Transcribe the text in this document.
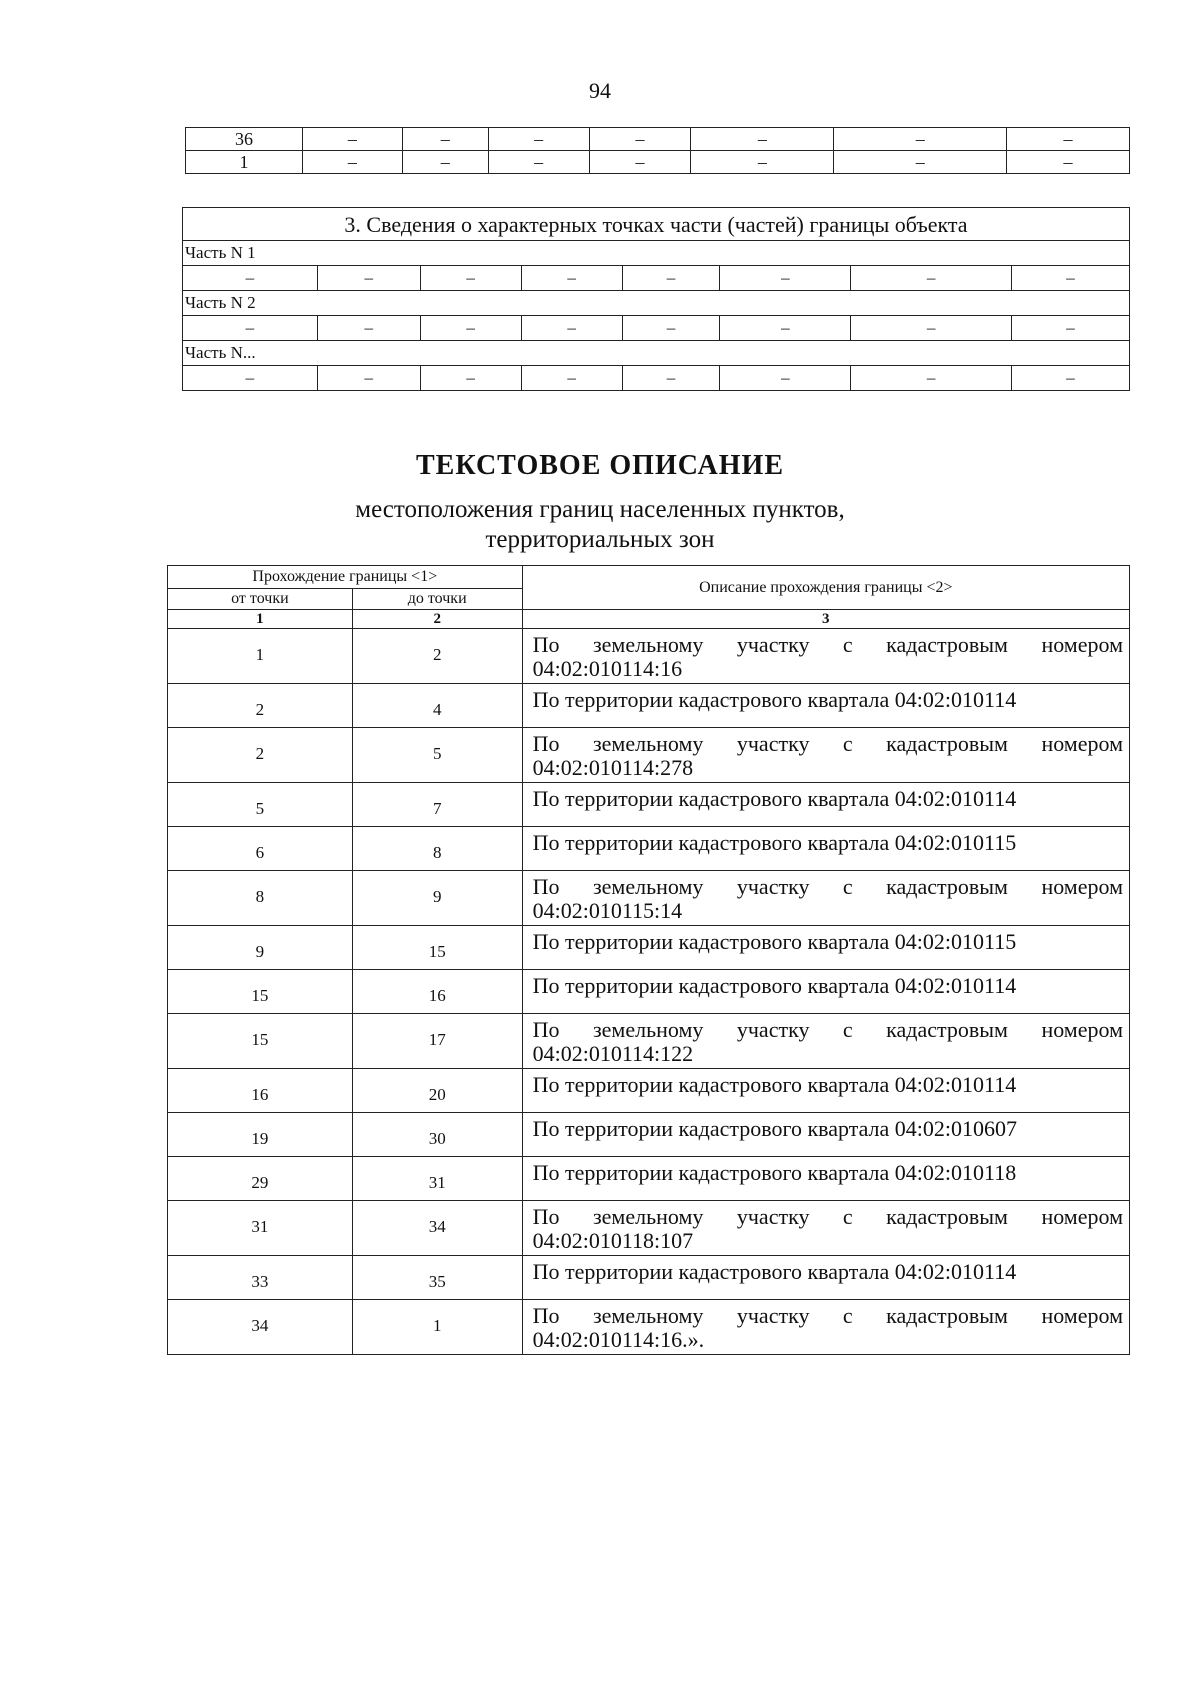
94
36	–	–	–	–	–	–	–
1	–	–	–	–	–	–	–
3. Сведения о характерных точках части (частей) границы объекта							
Часть N 1							
–	–	–	–	–	–	–	–
Часть N 2							
–	–	–	–	–	–	–	–
Часть N...							
–	–	–	–	–	–	–	–
ТЕКСТОВОЕ ОПИСАНИЕ
местоположения границ населенных пунктов,
территориальных зон
Прохождение границы <1>		Описание прохождения границы <2>
от точки	до точки	
1	2	3
1	2	По земельному участку с кадастровым номером 04:02:010114:16
2	4	По территории кадастрового квартала 04:02:010114
2	5	По земельному участку с кадастровым номером 04:02:010114:278
5	7	По территории кадастрового квартала 04:02:010114
6	8	По территории кадастрового квартала 04:02:010115
8	9	По земельному участку с кадастровым номером 04:02:010115:14
9	15	По территории кадастрового квартала 04:02:010115
15	16	По территории кадастрового квартала 04:02:010114
15	17	По земельному участку с кадастровым номером 04:02:010114:122
16	20	По территории кадастрового квартала 04:02:010114
19	30	По территории кадастрового квартала 04:02:010607
29	31	По территории кадастрового квартала 04:02:010118
31	34	По земельному участку с кадастровым номером 04:02:010118:107
33	35	По территории кадастрового квартала 04:02:010114
34	1	По земельному участку с кадастровым номером 04:02:010114:16.».
